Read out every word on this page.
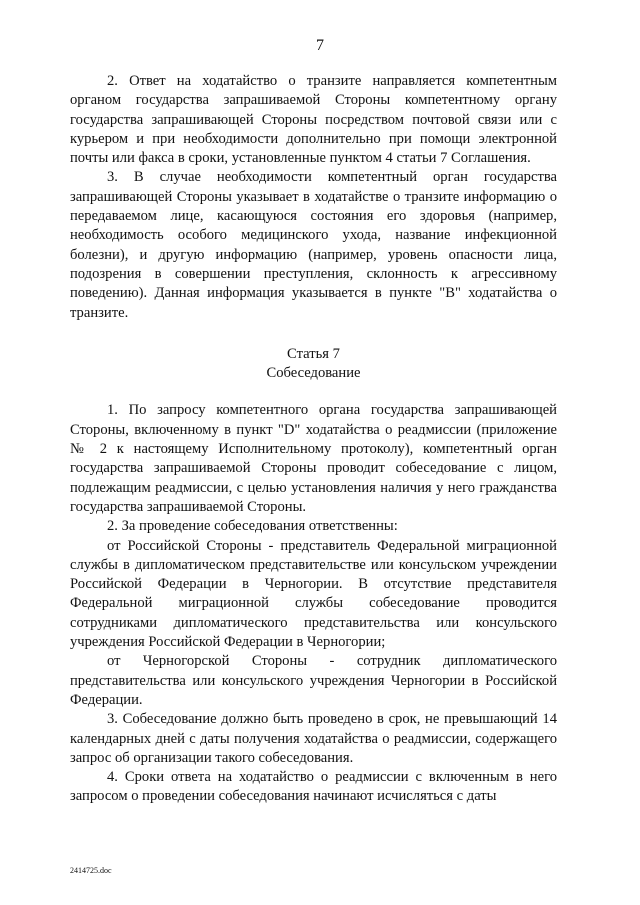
7

2. Ответ на ходатайство о транзите направляется компетентным органом государства запрашиваемой Стороны компетентному органу государства запрашивающей Стороны посредством почтовой связи или с курьером и при необходимости дополнительно при помощи электронной почты или факса в сроки, установленные пунктом 4 статьи 7 Соглашения.

3. В случае необходимости компетентный орган государства запрашивающей Стороны указывает в ходатайстве о транзите информацию о передаваемом лице, касающуюся состояния его здоровья (например, необходимость особого медицинского ухода, название инфекционной болезни), и другую информацию (например, уровень опасности лица, подозрения в совершении преступления, склонность к агрессивному поведению). Данная информация указывается в пункте "В" ходатайства о транзите.

Статья 7

Собеседование

1. По запросу компетентного органа государства запрашивающей Стороны, включенному в пункт "D" ходатайства о реадмиссии (приложение № 2 к настоящему Исполнительному протоколу), компетентный орган государства запрашиваемой Стороны проводит собеседование с лицом, подлежащим реадмиссии, с целью установления наличия у него гражданства государства запрашиваемой Стороны.

2. За проведение собеседования ответственны:

от Российской Стороны - представитель Федеральной миграционной службы в дипломатическом представительстве или консульском учреждении Российской Федерации в Черногории. В отсутствие представителя Федеральной миграционной службы собеседование проводится сотрудниками дипломатического представительства или консульского учреждения Российской Федерации в Черногории;

от Черногорской Стороны - сотрудник дипломатического представительства или консульского учреждения Черногории в Российской Федерации.

3. Собеседование должно быть проведено в срок, не превышающий 14 календарных дней с даты получения ходатайства о реадмиссии, содержащего запрос об организации такого собеседования.

4. Сроки ответа на ходатайство о реадмиссии с включенным в него запросом о проведении собеседования начинают исчисляться с даты

2414725.doc
